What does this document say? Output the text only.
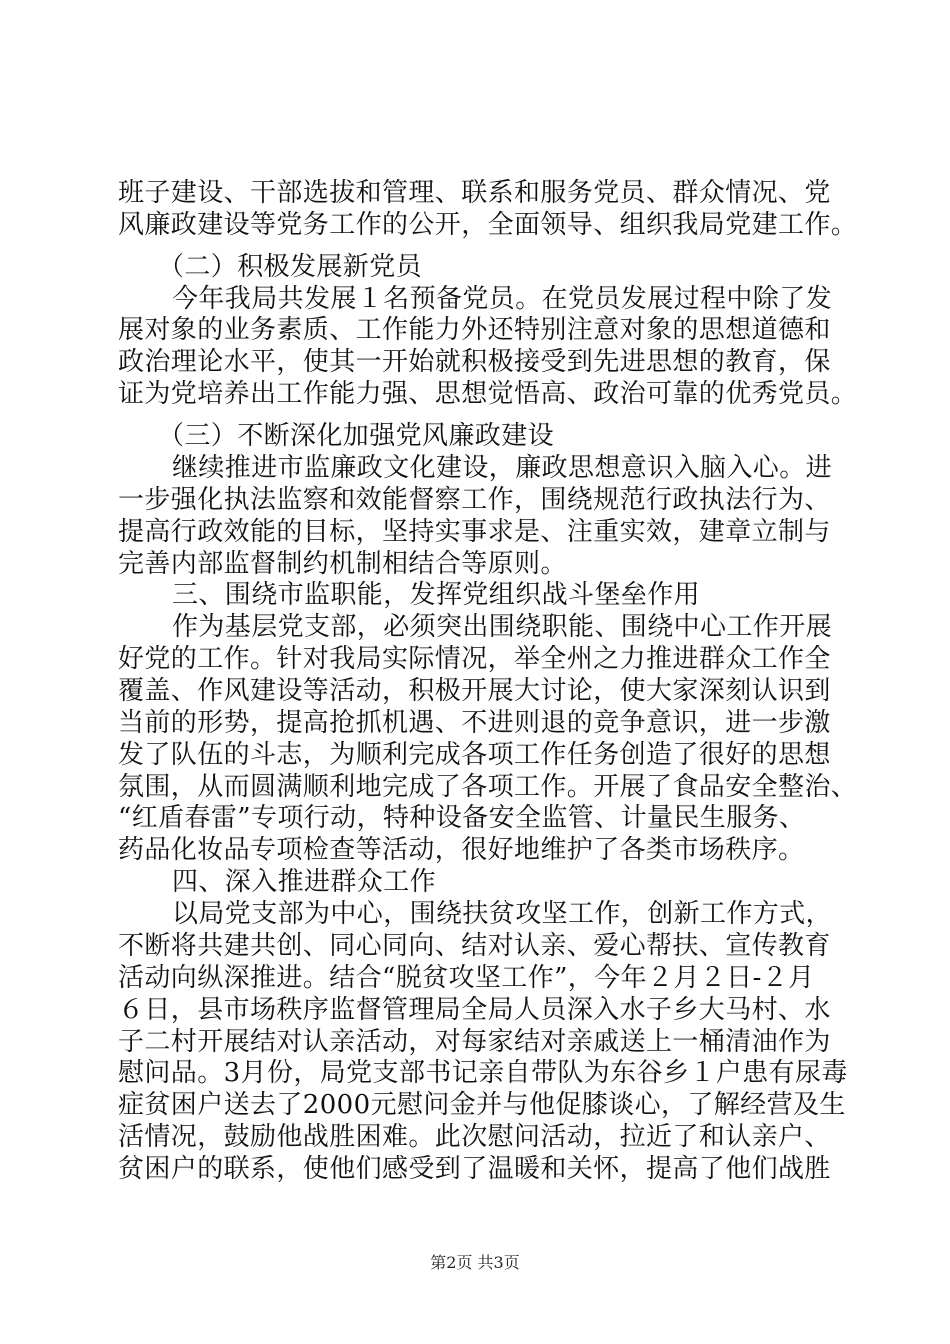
班子建设、干部选拔和管理、联系和服务党员、群众情况、党
风廉政建设等党务工作的公开，全面领导、组织我局党建工作。
（二）积极发展新党员
今年我局共发展１名预备党员。在党员发展过程中除了发
展对象的业务素质、工作能力外还特别注意对象的思想道德和
政治理论水平，使其一开始就积极接受到先进思想的教育，保
证为党培养出工作能力强、思想觉悟高、政治可靠的优秀党员。
（三）不断深化加强党风廉政建设
继续推进市监廉政文化建设，廉政思想意识入脑入心。进
一步强化执法监察和效能督察工作，围绕规范行政执法行为、
提高行政效能的目标，坚持实事求是、注重实效，建章立制与
完善内部监督制约机制相结合等原则。
三、围绕市监职能，发挥党组织战斗堡垒作用
作为基层党支部，必须突出围绕职能、围绕中心工作开展
好党的工作。针对我局实际情况，举全州之力推进群众工作全
覆盖、作风建设等活动，积极开展大讨论，使大家深刻认识到
当前的形势，提高抢抓机遇、不进则退的竞争意识，进一步激
发了队伍的斗志，为顺利完成各项工作任务创造了很好的思想
氛围，从而圆满顺利地完成了各项工作。开展了食品安全整治、
“红盾春雷”专项行动，特种设备安全监管、计量民生服务、
药品化妆品专项检查等活动，很好地维护了各类市场秩序。
四、深入推进群众工作
以局党支部为中心，围绕扶贫攻坚工作，创新工作方式，
不断将共建共创、同心同向、结对认亲、爱心帮扶、宣传教育
活动向纵深推进。结合“脱贫攻坚工作”，今年２月２日-２月
６日，县市场秩序监督管理局全局人员深入水子乡大马村、水
子二村开展结对认亲活动，对每家结对亲戚送上一桶清油作为
慰问品。3月份，局党支部书记亲自带队为东谷乡１户患有尿毒
症贫困户送去了2000元慰问金并与他促膝谈心，了解经营及生
活情况，鼓励他战胜困难。此次慰问活动，拉近了和认亲户、
贫困户的联系，使他们感受到了温暖和关怀，提高了他们战胜
第2页 共3页
